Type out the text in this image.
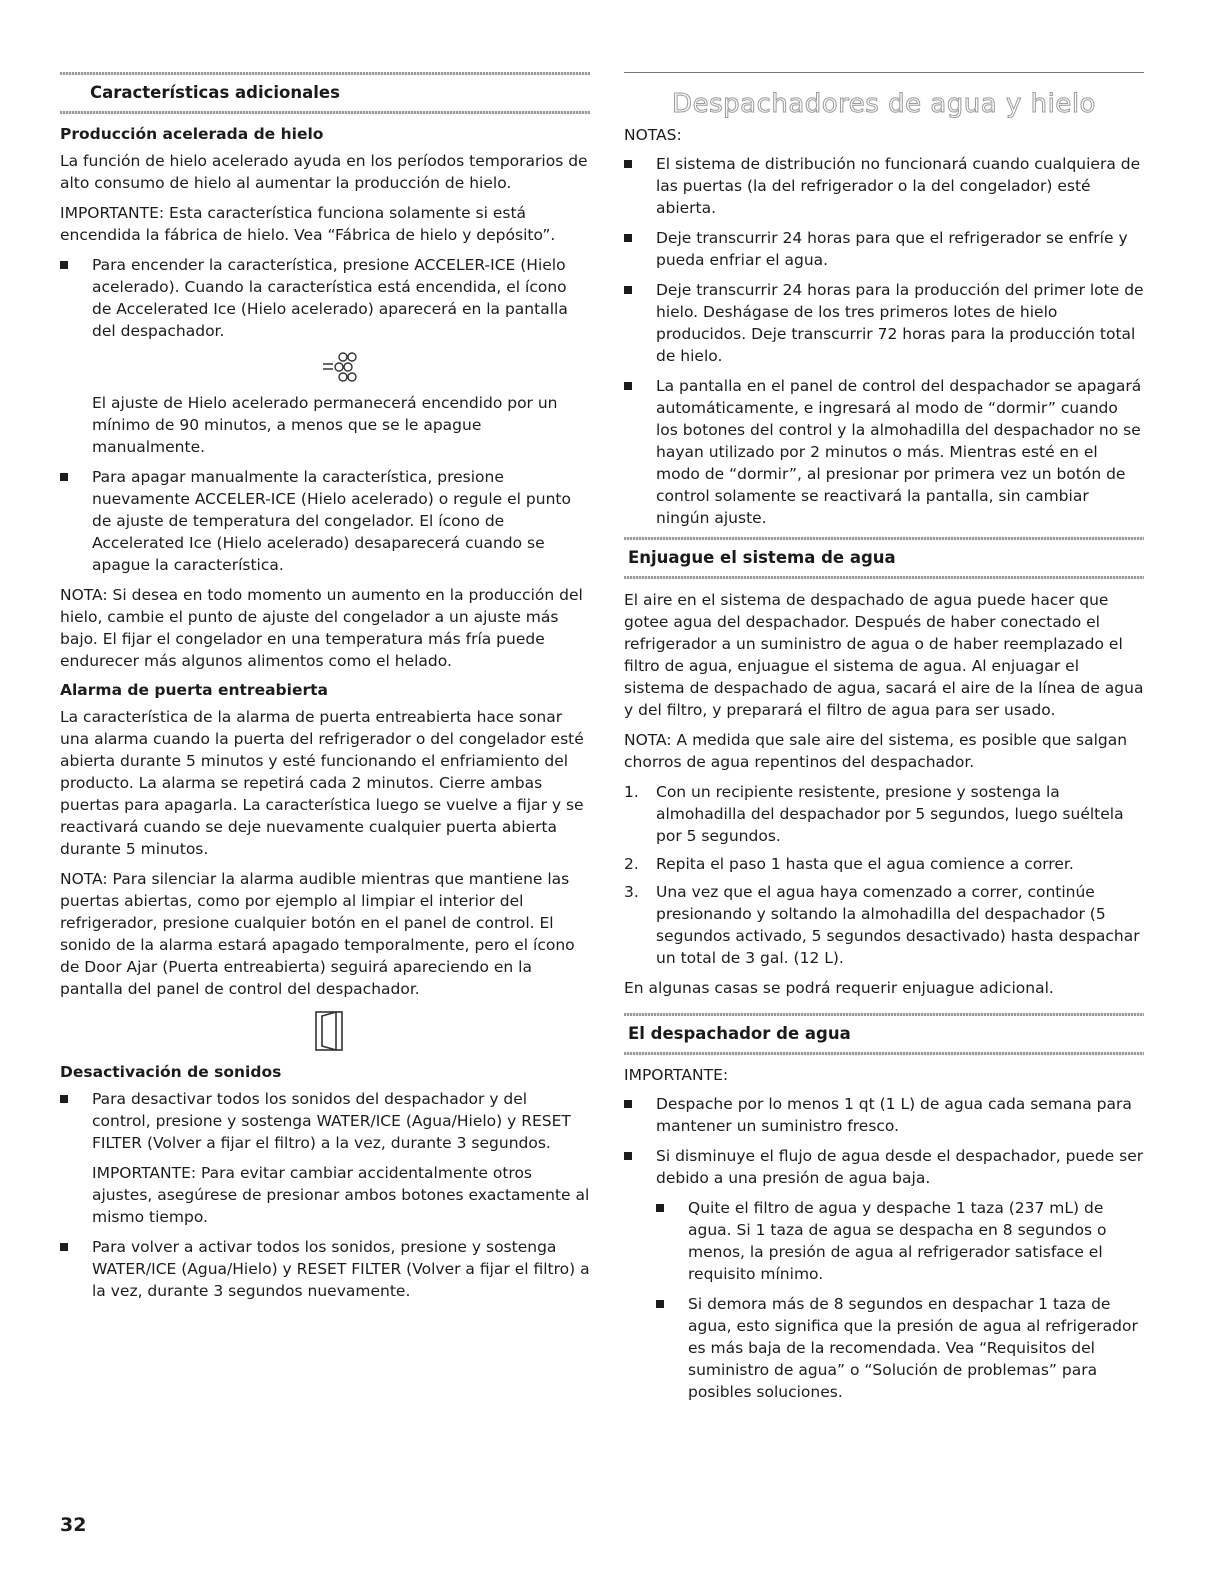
Características adicionales
Producción acelerada de hielo

La función de hielo acelerado ayuda en los períodos temporarios de alto consumo de hielo al aumentar la producción de hielo.

IMPORTANTE: Esta característica funciona solamente si está encendida la fábrica de hielo. Vea “Fábrica de hielo y depósito”.

Para encender la característica, presione ACCELER-ICE (Hielo acelerado). Cuando la característica está encendida, el ícono de Accelerated Ice (Hielo acelerado) aparecerá en la pantalla del despachador.

El ajuste de Hielo acelerado permanecerá encendido por un mínimo de 90 minutos, a menos que se le apague manualmente.

Para apagar manualmente la característica, presione nuevamente ACCELER-ICE (Hielo acelerado) o regule el punto de ajuste de temperatura del congelador. El ícono de Accelerated Ice (Hielo acelerado) desaparecerá cuando se apague la característica.

NOTA: Si desea en todo momento un aumento en la producción del hielo, cambie el punto de ajuste del congelador a un ajuste más bajo. El fijar el congelador en una temperatura más fría puede endurecer más algunos alimentos como el helado.

Alarma de puerta entreabierta

La característica de la alarma de puerta entreabierta hace sonar una alarma cuando la puerta del refrigerador o del congelador esté abierta durante 5 minutos y esté funcionando el enfriamiento del producto. La alarma se repetirá cada 2 minutos. Cierre ambas puertas para apagarla. La característica luego se vuelve a fijar y se reactivará cuando se deje nuevamente cualquier puerta abierta durante 5 minutos.

NOTA: Para silenciar la alarma audible mientras que mantiene las puertas abiertas, como por ejemplo al limpiar el interior del refrigerador, presione cualquier botón en el panel de control. El sonido de la alarma estará apagado temporalmente, pero el ícono de Door Ajar (Puerta entreabierta) seguirá apareciendo en la pantalla del panel de control del despachador.

Desactivación de sonidos

Para desactivar todos los sonidos del despachador y del control, presione y sostenga WATER/ICE (Agua/Hielo) y RESET FILTER (Volver a fijar el filtro) a la vez, durante 3 segundos.

IMPORTANTE: Para evitar cambiar accidentalmente otros ajustes, asegúrese de presionar ambos botones exactamente al mismo tiempo.

Para volver a activar todos los sonidos, presione y sostenga WATER/ICE (Agua/Hielo) y RESET FILTER (Volver a fijar el filtro) a la vez, durante 3 segundos nuevamente.

Despachadores de agua y hielo
NOTAS:
El sistema de distribución no funcionará cuando cualquiera de las puertas (la del refrigerador o la del congelador) esté abierta.
Deje transcurrir 24 horas para que el refrigerador se enfríe y pueda enfriar el agua.
Deje transcurrir 24 horas para la producción del primer lote de hielo. Deshágase de los tres primeros lotes de hielo producidos. Deje transcurrir 72 horas para la producción total de hielo.
La pantalla en el panel de control del despachador se apagará automáticamente, e ingresará al modo de “dormir” cuando los botones del control y la almohadilla del despachador no se hayan utilizado por 2 minutos o más. Mientras esté en el modo de “dormir”, al presionar por primera vez un botón de control solamente se reactivará la pantalla, sin cambiar ningún ajuste.
Enjuague el sistema de agua

El aire en el sistema de despachado de agua puede hacer que gotee agua del despachador. Después de haber conectado el refrigerador a un suministro de agua o de haber reemplazado el filtro de agua, enjuague el sistema de agua. Al enjuagar el sistema de despachado de agua, sacará el aire de la línea de agua y del filtro, y preparará el filtro de agua para ser usado.

NOTA: A medida que sale aire del sistema, es posible que salgan chorros de agua repentinos del despachador.

1. Con un recipiente resistente, presione y sostenga la almohadilla del despachador por 5 segundos, luego suéltela por 5 segundos.
2. Repita el paso 1 hasta que el agua comience a correr.
3. Una vez que el agua haya comenzado a correr, continúe presionando y soltando la almohadilla del despachador (5 segundos activado, 5 segundos desactivado) hasta despachar un total de 3 gal. (12 L).

En algunas casas se podrá requerir enjuague adicional.

El despachador de agua
IMPORTANTE:
Despache por lo menos 1 qt (1 L) de agua cada semana para mantener un suministro fresco.
Si disminuye el flujo de agua desde el despachador, puede ser debido a una presión de agua baja.
Quite el filtro de agua y despache 1 taza (237 mL) de agua. Si 1 taza de agua se despacha en 8 segundos o menos, la presión de agua al refrigerador satisface el requisito mínimo.
Si demora más de 8 segundos en despachar 1 taza de agua, esto significa que la presión de agua al refrigerador es más baja de la recomendada. Vea “Requisitos del suministro de agua” o “Solución de problemas” para posibles soluciones.
32
